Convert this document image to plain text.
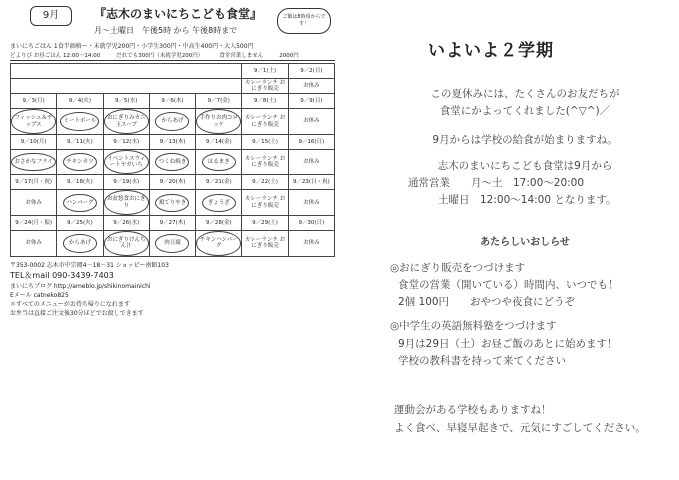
9月	『志木のまいにちこども食堂』	ご飯は8時頃からです！
月～土曜日　午後5時 から 午後8時まで
まいにちごはん 1食半価格ー・未就学児200円・小学生300円・中高生400円・大人500円
どよりび お昼ごはん 12:00～14:00	だれでも300円（未就学児200円）	食堂営業しません	2000円
					9／1(土)	9／2(日)
					カレーランチ おにぎり販売	お休み
9／3(月)	9／4(火)	9／5(水)	9／6(木)	9／7(金)	9／8(土)	9／9(日)
フィッシュ＆チップス	ミートボール	おにぎりみカニ玉スープ	からあげ	手作りお肉コロッケ	カレーランチ おにぎり販売	お休み
9／10(月)	9／11(火)	9／12(水)	9／13(木)	9／14(金)	9／15(土)	9／16(日)
おさかなフライ	チキンカツ	イベントスウィートヤガいち	つくね焼き	はるまき	カレーランチ おにぎり販売	お休み
9／17(月・祝)	9／18(火)	9／19(水)	9／20(木)	9／21(金)	9／22(土)	9／23(日・祝)
お休み	ハンバーグ	お盆悠食おにぎり	鶏てりやき	ぎょうざ	カレーランチ おにぎり販売	お休み
9／24(月・振)	9／25(火)	9／26(水)	9／27(木)	9／28(金)	9／29(土)	9／30(日)
お休み	からあげ	おにぎりけんちん汁	肉豆腐	チキンハンバーグ	カレーランチ おにぎり販売	お休み
〒353-0002 志木市中宗岡4－18－31 ショッピー南館103
TEL＆mail 090-3439-7403
まいにちブログ http://ameblo.jp/shikinomainichi
Eメール catneko825
＊すべてのメニューがお持ち帰りになれます
お弁当は直接ご注文後30分ほどでお渡しできます
いよいよ２学期
この夏休みには、たくさんのお友だちが
食堂にかよってくれました(^▽^)／
9月からは学校の給食が始まりますね。
志木のまいにちこども食堂は9月から
通常営業　　月～土　17:00～20:00
土曜日　12:00～14:00 となります。
あたらしいおしらせ
◎おにぎり販売をつづけます
食堂の営業（開いている）時間内、いつでも！
2個 100円　　おやつや夜食にどうぞ
◎中学生の英語無料塾をつづけます
9月は29日（土）お昼ご飯のあとに始めます！
学校の教科書を持って来てください
運動会がある学校もありますね！
よく食べ、早寝早起きで、元気にすごしてください。
